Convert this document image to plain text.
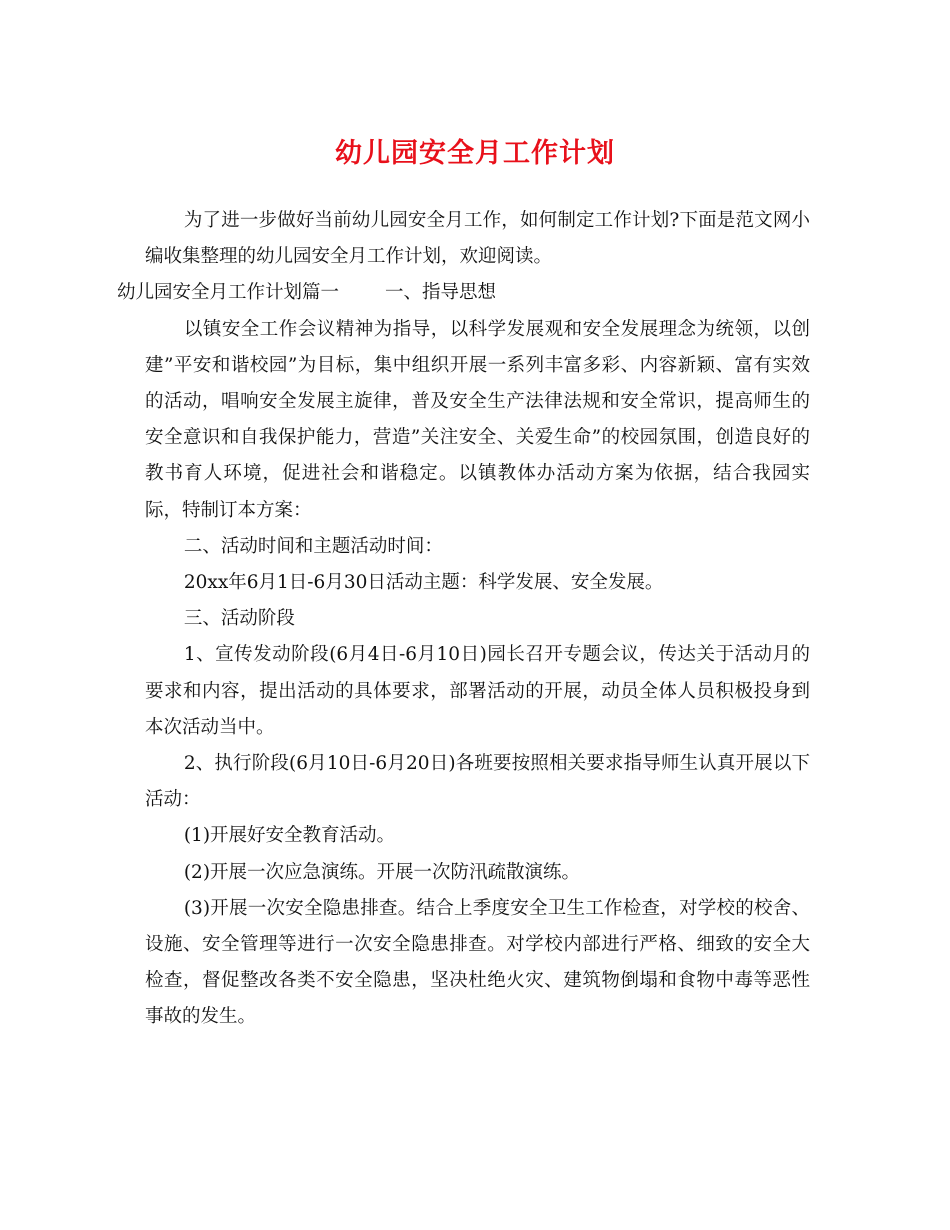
幼儿园安全月工作计划

为了进一步做好当前幼儿园安全月工作，如何制定工作计划?下面是范文网小编收集整理的幼儿园安全月工作计划，欢迎阅读。

幼儿园安全月工作计划篇一 一、指导思想

以镇安全工作会议精神为指导，以科学发展观和安全发展理念为统领，以创建”平安和谐校园”为目标，集中组织开展一系列丰富多彩、内容新颖、富有实效的活动，唱响安全发展主旋律，普及安全生产法律法规和安全常识，提高师生的安全意识和自我保护能力，营造”关注安全、关爱生命”的校园氛围，创造良好的教书育人环境，促进社会和谐稳定。以镇教体办活动方案为依据，结合我园实际，特制订本方案：

二、活动时间和主题活动时间：

20xx年6月1日-6月30日活动主题：科学发展、安全发展。

三、活动阶段

1、宣传发动阶段(6月4日-6月10日)园长召开专题会议，传达关于活动月的要求和内容，提出活动的具体要求，部署活动的开展，动员全体人员积极投身到本次活动当中。

2、执行阶段(6月10日-6月20日)各班要按照相关要求指导师生认真开展以下活动：

(1)开展好安全教育活动。

(2)开展一次应急演练。开展一次防汛疏散演练。

(3)开展一次安全隐患排查。结合上季度安全卫生工作检查，对学校的校舍、设施、安全管理等进行一次安全隐患排查。对学校内部进行严格、细致的安全大检查，督促整改各类不安全隐患，坚决杜绝火灾、建筑物倒塌和食物中毒等恶性事故的发生。
